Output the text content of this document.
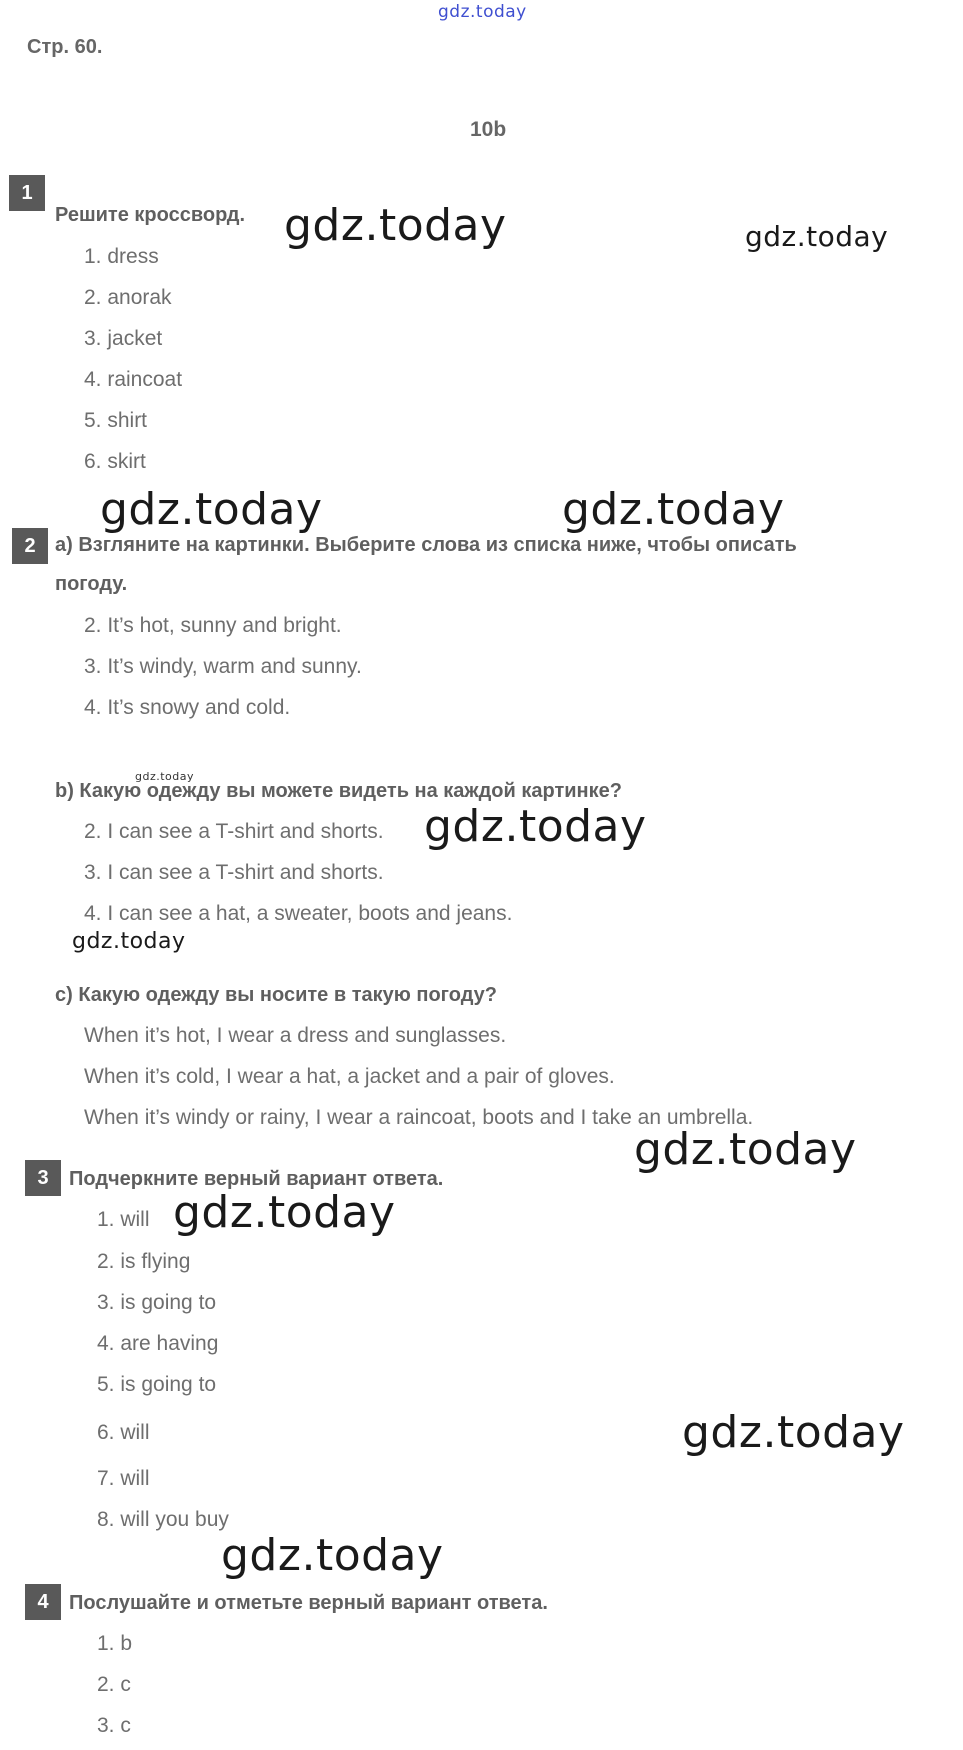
Стр. 60.
10b
1
Решите кроссворд.
1. dress
2. anorak
3. jacket
4. raincoat
5. shirt
6. skirt
2 a) Взгляните на картинки. Выберите слова из списка ниже, чтобы описать
погоду.
2. It’s hot, sunny and bright.
3. It’s windy, warm and sunny.
4. It’s snowy and cold.
b) Какую одежду вы можете видеть на каждой картинке?
2. I can see a T-shirt and shorts.
3. I can see a T-shirt and shorts.
4. I can see a hat, a sweater, boots and jeans.
c) Какую одежду вы носите в такую погоду?
When it’s hot, I wear a dress and sunglasses.
When it’s cold, I wear a hat, a jacket and a pair of gloves.
When it’s windy or rainy, I wear a raincoat, boots and I take an umbrella.
3	Подчеркните верный вариант ответа.
1. will
2. is flying
3. is going to
4. are having
5. is going to
6. will
7. will
8. will you buy
4	Послушайте и отметьте верный вариант ответа.
1. b
2. c
3. c
gdz.today
gdz.today	gdz.today
gdz.today	gdz.today
gdz.today
gdz.today
gdz.today
gdz.today
gdz.today
gdz.today
gdz.today
